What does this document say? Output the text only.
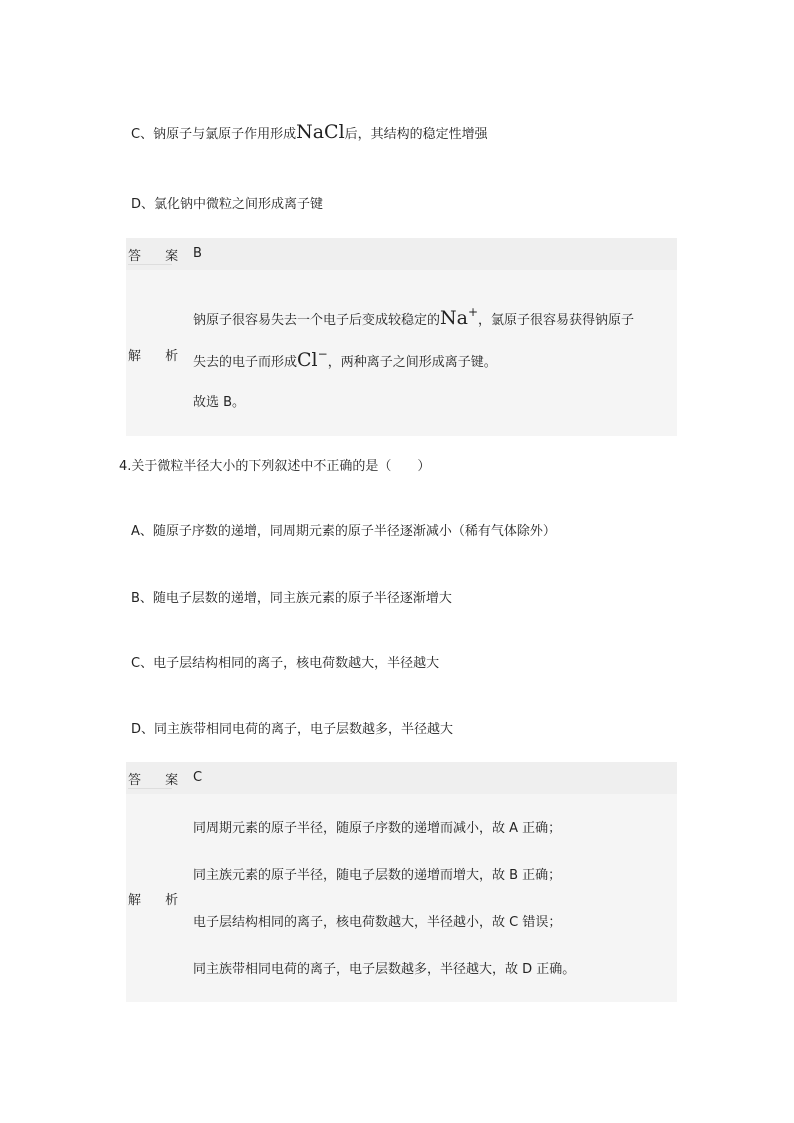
C、钠原子与氯原子作用形成NaCl后，其结构的稳定性增强
D、氯化钠中微粒之间形成离子键
答 案 B
解 析
钠原子很容易失去一个电子后变成较稳定的Na+，氯原子很容易获得钠原子
失去的电子而形成Cl−，两种离子之间形成离子键。
故选 B。
4.关于微粒半径大小的下列叙述中不正确的是（　　）
A、随原子序数的递增，同周期元素的原子半径逐渐减小（稀有气体除外）
B、随电子层数的递增，同主族元素的原子半径逐渐增大
C、电子层结构相同的离子，核电荷数越大，半径越大
D、同主族带相同电荷的离子，电子层数越多，半径越大
答 案 C
解 析
同周期元素的原子半径，随原子序数的递增而减小，故 A 正确；
同主族元素的原子半径，随电子层数的递增而增大，故 B 正确；
电子层结构相同的离子，核电荷数越大，半径越小，故 C 错误；
同主族带相同电荷的离子，电子层数越多，半径越大，故 D 正确。
